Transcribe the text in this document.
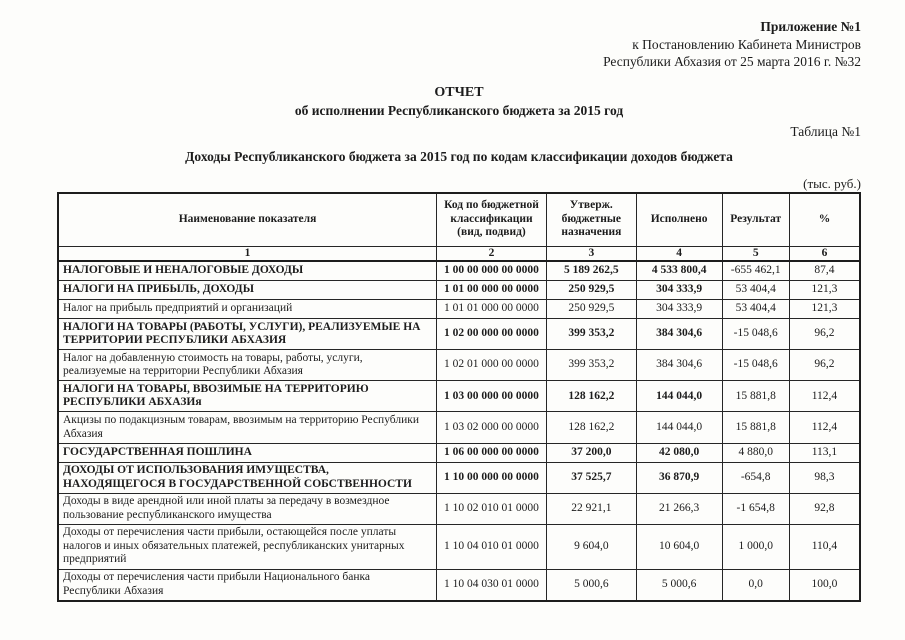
Приложение №1
к Постановлению Кабинета Министров
Республики Абхазия от 25 марта 2016 г. №32
ОТЧЕТ
об исполнении Республиканского бюджета за 2015 год
Таблица №1
Доходы Республиканского бюджета за 2015 год по кодам классификации доходов бюджета
(тыс. руб.)
Наименование показателя	Код по бюджетной классификации (вид, подвид)	Утверж. бюджетные назначения	Исполнено	Результат	%
1	2	3	4	5	6
НАЛОГОВЫЕ И НЕНАЛОГОВЫЕ ДОХОДЫ	1 00 00 000 00 0000	5 189 262,5	4 533 800,4	-655 462,1	87,4
НАЛОГИ НА ПРИБЫЛЬ, ДОХОДЫ	1 01 00 000 00 0000	250 929,5	304 333,9	53 404,4	121,3
Налог на прибыль предприятий и организаций	1 01 01 000 00 0000	250 929,5	304 333,9	53 404,4	121,3
НАЛОГИ НА ТОВАРЫ (РАБОТЫ, УСЛУГИ), РЕАЛИЗУЕМЫЕ НА ТЕРРИТОРИИ РЕСПУБЛИКИ АБХАЗИЯ	1 02 00 000 00 0000	399 353,2	384 304,6	-15 048,6	96,2
Налог на добавленную стоимость на товары, работы, услуги, реализуемые на территории Республики Абхазия	1 02 01 000 00 0000	399 353,2	384 304,6	-15 048,6	96,2
НАЛОГИ НА ТОВАРЫ, ВВОЗИМЫЕ НА ТЕРРИТОРИЮ РЕСПУБЛИКИ АБХАЗИя	1 03 00 000 00 0000	128 162,2	144 044,0	15 881,8	112,4
Акцизы по подакцизным товарам, ввозимым на территорию Республики Абхазия	1 03 02 000 00 0000	128 162,2	144 044,0	15 881,8	112,4
ГОСУДАРСТВЕННАЯ ПОШЛИНА	1 06 00 000 00 0000	37 200,0	42 080,0	4 880,0	113,1
ДОХОДЫ ОТ ИСПОЛЬЗОВАНИЯ ИМУЩЕСТВА, НАХОДЯЩЕГОСЯ В ГОСУДАРСТВЕННОЙ СОБСТВЕННОСТИ	1 10 00 000 00 0000	37 525,7	36 870,9	-654,8	98,3
Доходы в виде арендной или иной платы за передачу в возмездное пользование республиканского имущества	1 10 02 010 01 0000	22 921,1	21 266,3	-1 654,8	92,8
Доходы от перечисления части прибыли, остающейся после уплаты налогов и иных обязательных платежей, республиканских унитарных предприятий	1 10 04 010 01 0000	9 604,0	10 604,0	1 000,0	110,4
Доходы от перечисления части прибыли Национального банка Республики Абхазия	1 10 04 030 01 0000	5 000,6	5 000,6	0,0	100,0
